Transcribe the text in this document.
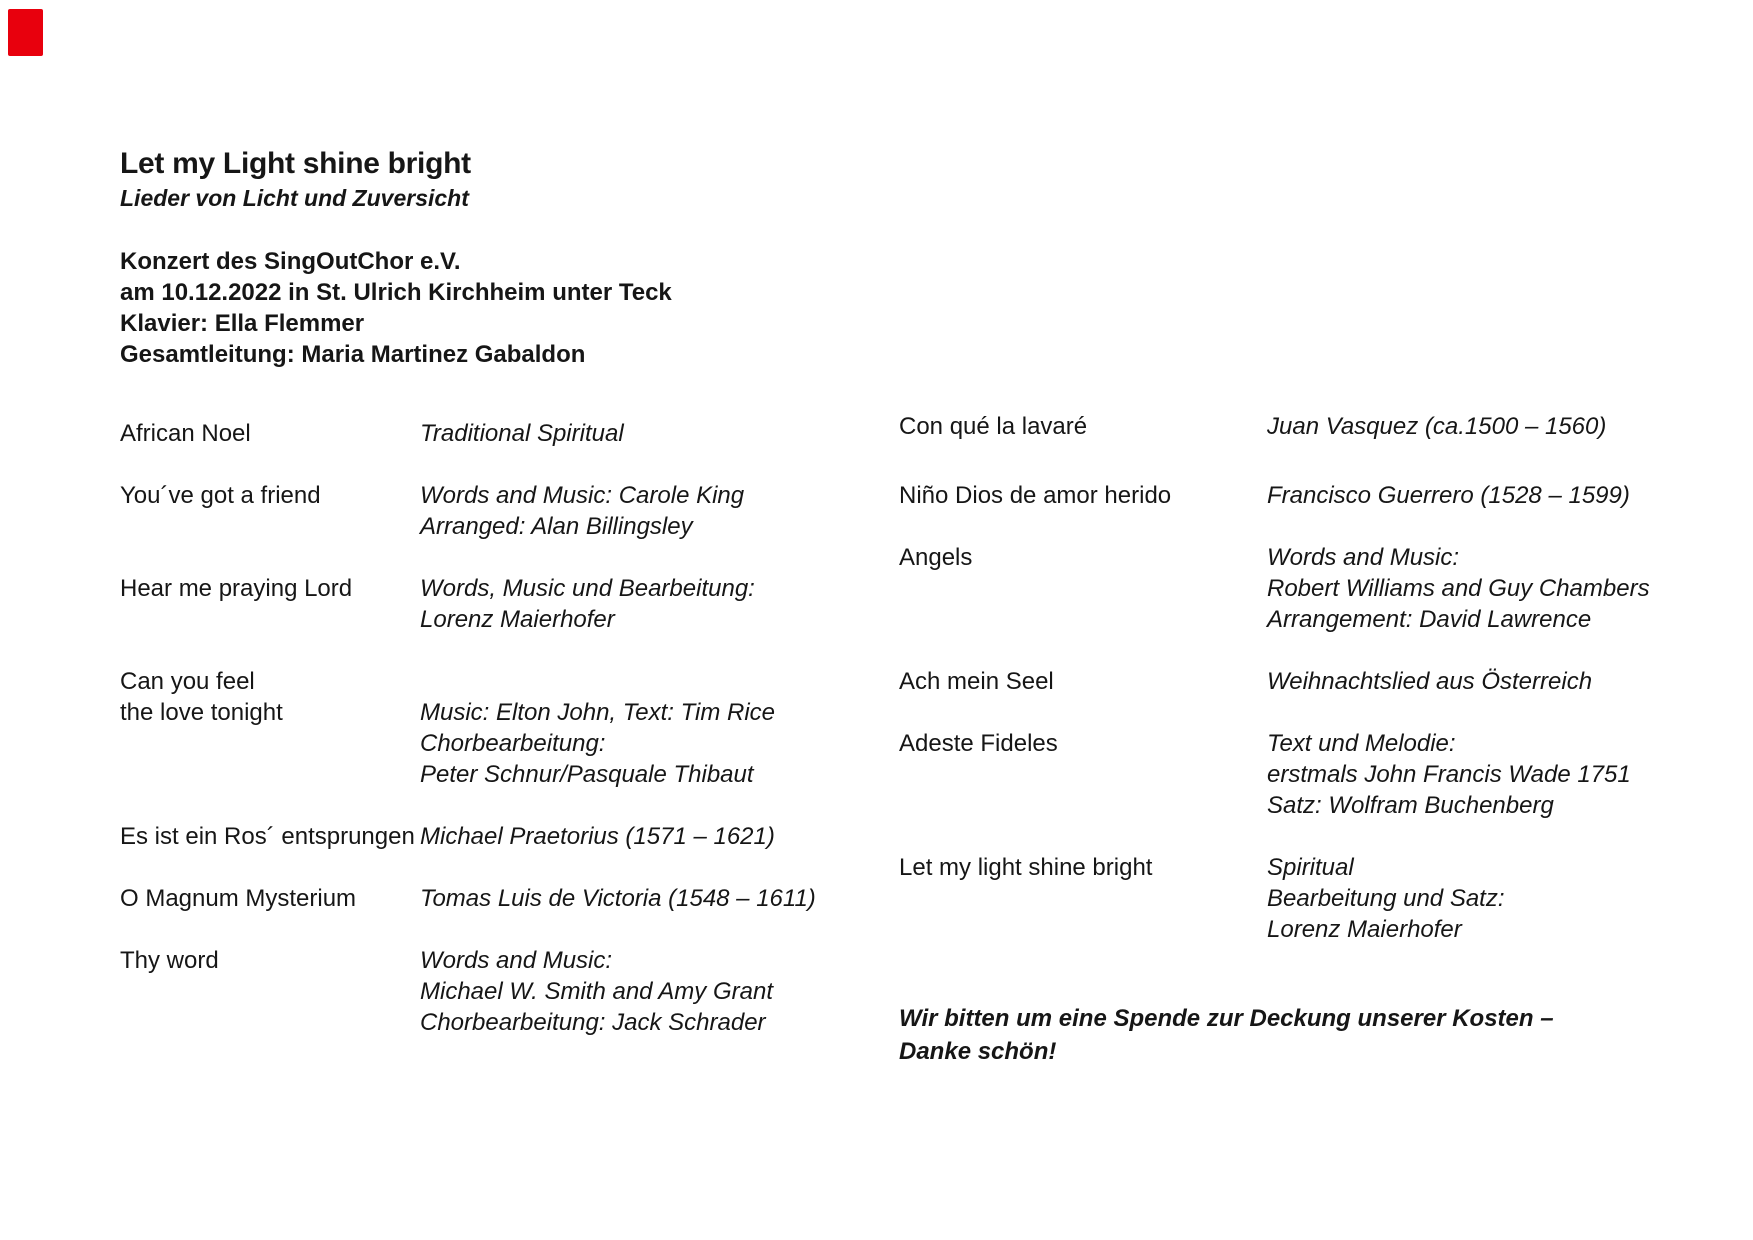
Let my Light shine bright
Lieder von Licht und Zuversicht
Konzert des SingOutChor e.V.
am 10.12.2022 in St. Ulrich Kirchheim unter Teck
Klavier: Ella Flemmer
Gesamtleitung: Maria Martinez Gabaldon
African Noel	Traditional Spiritual
You´ve got a friend	Words and Music: Carole King
Arranged: Alan Billingsley
Hear me praying Lord	Words, Music und Bearbeitung:
Lorenz Maierhofer
Can you feel
the love tonight	Music: Elton John, Text: Tim Rice
Chorbearbeitung:
Peter Schnur/Pasquale Thibaut
Es ist ein Ros´ entsprungen Michael Praetorius (1571 – 1621)
O Magnum Mysterium	Tomas Luis de Victoria (1548 – 1611)
Thy word	Words and Music:
Michael W. Smith and Amy Grant
Chorbearbeitung: Jack Schrader
Con qué la lavaré	Juan Vasquez (ca.1500 – 1560)
Niño Dios de amor herido	Francisco Guerrero (1528 – 1599)
Angels	Words and Music:
Robert Williams and Guy Chambers
Arrangement: David Lawrence
Ach mein Seel	Weihnachtslied aus Österreich
Adeste Fideles	Text und Melodie:
erstmals John Francis Wade 1751
Satz: Wolfram Buchenberg
Let my light shine bright	Spiritual
Bearbeitung und Satz:
Lorenz Maierhofer
Wir bitten um eine Spende zur Deckung unserer Kosten –
Danke schön!
